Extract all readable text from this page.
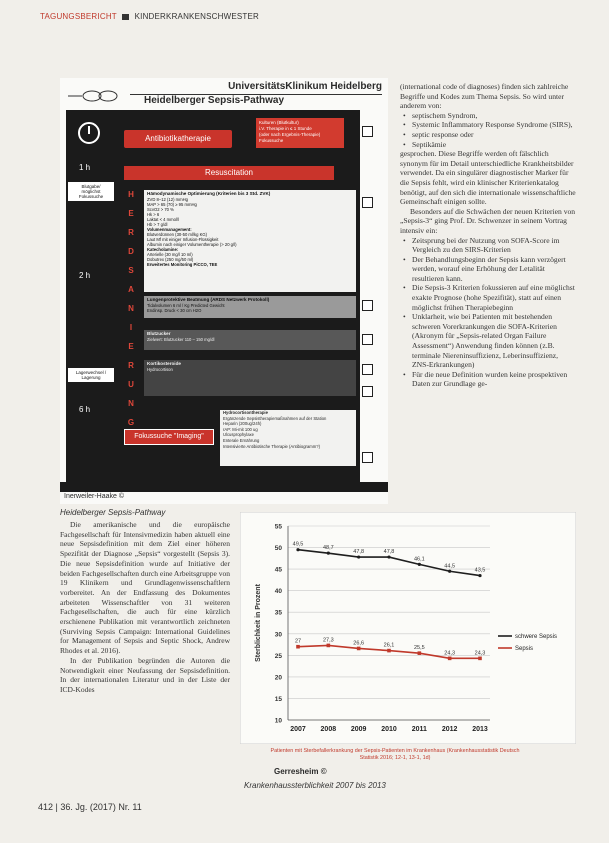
TAGUNGSBERICHT KINDERKRANKENSCHWESTER
UniversitätsKlinikum Heidelberg
Heidelberger Sepsis-Pathway
1 h
Blutgabe/
möglichst
Fokussuche
2 h
Lagerwechsel /
Lagerung
6 h
Antibiotikatherapie
Kulturen (Blutkultur)
i.V. Therapie in ≤ 1 Stunde
(oder nach Ergebnis-Therapie)
Fokussuche
Resuscitation
H
E
R
D
S
A
N
I
E
R
U
N
G
Hämodynamische Optimierung (Kriterien bis 3 Std. ZVK)
ZVD 8–12 (12) mmHg
MAP > 65 (70) ≥ 95 mmHg
ScvO2 > 70 %
Hk > 6
Laktat < 4 mmol/l
Hb > 7 g/dl
Volumenmanagement:
Blutverdünnen (30-50 ml/kg KG)
Laut Mf mit einiger Infusion-Flüssigkeit
Albumin nach einiger Volumentherapie (> 20 g/l)
Katecholamine:
Arterielle (30 mg/l 10 ml)
Dobutrex (250 mg/50 ml)
Erweitertes Monitoring PiCCO, TEE
Lungenprotektive Beatmung (ARDS Netzwerk Protokoll)
Tidalvolumen 6 ml / Kg Predicted Gewicht
Endinsp. Druck < 30 cm H2O
Blutzucker
Zielwert: Blutzucker 110 – 150 mg/dl
Kortikosteroide
Hydrocortison
Fokussuche "Imaging"
Hydrocortisontherapie
Ergänzende Sepsistherapiemaßnahmen auf der Station
Heparin (200ug/24h)
rAP: Mi-mit 100 ug
Ulcusprophylaxe
Enterale Ernährung
Intensivierte Antibiotische Therapie (Antibiogramm?)
Inerweiler-Haake ©
Heidelberger Sepsis-Pathway

(international code of diagnoses) finden sich zahlreiche Begriffe und Kodes zum Thema Sepsis. So wird unter anderem von:

• septischem Syndrom,
• Systemic Inflammatory Response Syndrome (SIRS),
• septic response oder
• Septikämie

gesprochen. Diese Begriffe werden oft fälschlich synonym für im Detail unterschiedliche Krankheitsbilder verwendet. Da ein singulärer diagnostischer Marker für die Sepsis fehlt, wird ein klinischer Kriterienkatalog benötigt, auf den sich die internationale wissenschaftliche Gemeinschaft einigen sollte.

Besonders auf die Schwächen der neuen Kriterien von „Sepsis-3“ ging Prof. Dr. Schwenzer in seinem Vortrag intensiv ein:

• Zeitsprung bei der Nutzung von SOFA-Score im Vergleich zu den SIRS-Kriterien
• Der Behandlungsbeginn der Sepsis kann verzögert werden, worauf eine Erhöhung der Letalität resultieren kann.
• Die Sepsis-3 Kriterien fokussieren auf eine möglichst exakte Prognose (hohe Spezifität), statt auf einen möglichst frühen Therapiebeginn
• Unklarheit, wie bei Patienten mit bestehenden schweren Vorerkrankungen die SOFA-Kriterien (Akronym für „Sepsis-related Organ Failure Assessment“) Anwendung finden können (z.B. terminale Niereninsuffizienz, Leberinsuffizienz, ZNS-Erkrankungen)
• Für die neue Definition wurden keine prospektiven Daten zur Grundlage ge-

Die amerikanische und die europäische Fachgesellschaft für Intensivmedizin haben aktuell eine neue Sepsisdefinition mit dem Ziel einer höheren Spezifität der Diagnose „Sepsis“ vorgestellt (Sepsis 3). Die neue Sepsisdefinition wurde auf Initiative der beiden Fachgesellschaften durch eine Arbeitsgruppe von 19 Klinikern und Grundlagenwissenschaftlern vorbereitet. An der Endfassung des Dokumentes arbeiteten Wissenschaftler von 31 weiteren Fachgesellschaften, die auch für eine kürzlich erschienene Publikation mit verantwortlich zeichneten (Surviving Sepsis Campaign: International Guidelines for Management of Sepsis and Septic Shock, Andrew Rhodes et al. 2016).

In der Publikation begründen die Autoren die Notwendigkeit einer Neufassung der Sepsisdefinition. In der internationalen Literatur und in der Liste der ICD-Kodes

10
15
20
25
30
35
40
45
50
55
2007 2008 2009 2010 2011 2012 2013
Sterblichkeit in Prozent
49,5
48,7
47,8	47,8
46,1
44,5
43,5
schwere Sepsis
27	27,3
26,6	26,1	25,5
24,3	24,3
Sepsis
Patienten mit Sterbefallerkrankung der Sepsis-Patienten im Krankenhaus (Krankenhausstatistik Deutsch Statistik 2016; 12-1, 13-1, 1d)
Gerresheim ©
Krankenhaussterblichkeit 2007 bis 2013
412 | 36. Jg. (2017) Nr. 11
